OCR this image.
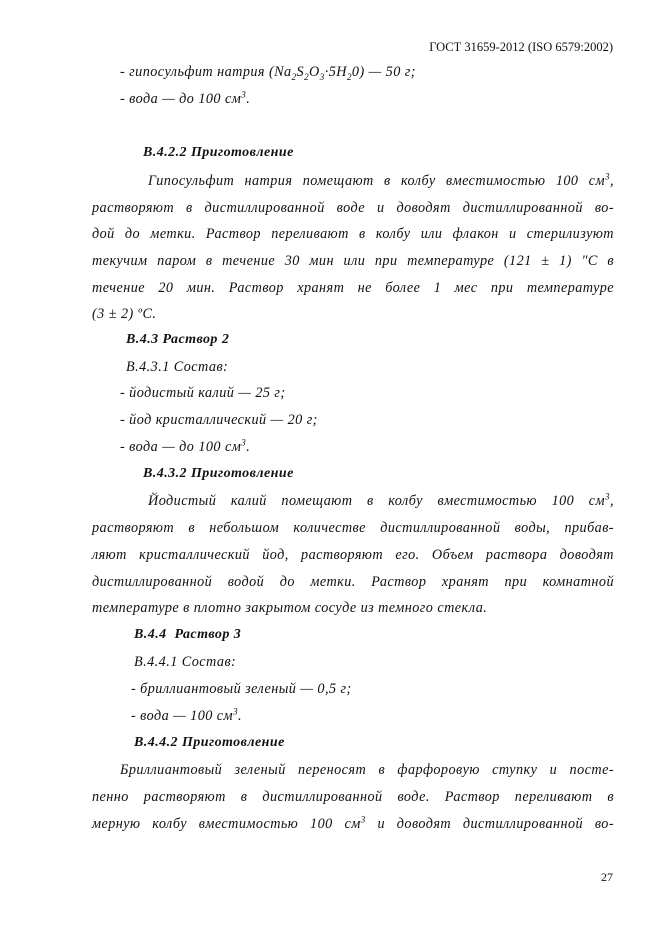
ГОСТ 31659-2012 (ISO 6579:2002)
- гипосульфит натрия $(Na_2S_2O_3\cdot 5H_20)$ — 50 г;
- вода — до 100 $см^3$.
В.4.2.2 Приготовление
Гипосульфит натрия помещают в колбу вместимостью 100 $см^3$,
растворяют в дистиллированной воде и доводят дистиллированной во-
дой до метки. Раствор переливают в колбу или флакон и стерилизуют
текучим паром в течение 30 мин или при температуре (121 ± 1) "С в
течение 20 мин. Раствор хранят не более 1 мес при температуре
(3 ± 2) ºС.
В.4.3 Раствор 2
В.4.3.1 Состав:
- йодистый калий — 25 г;
- йод кристаллический — 20 г;
- вода — до 100 $см^3$.
В.4.3.2 Приготовление
Йодистый калий помещают в колбу вместимостью 100 $см^3$,
растворяют в небольшом количестве дистиллированной воды, прибав-
ляют кристаллический йод, растворяют его. Объем раствора доводят
дистиллированной водой до метки. Раствор хранят при комнатной
температуре в плотно закрытом сосуде из темного стекла.
В.4.4  Раствор 3
В.4.4.1 Состав:
- бриллиантовый зеленый — 0,5 г;
- вода — 100 $см^3$.
В.4.4.2 Приготовление
Бриллиантовый зеленый переносят в фарфоровую ступку и посте-
пенно растворяют в дистиллированной воде. Раствор переливают в
мерную колбу вместимостью 100 $см^3$ и доводят дистиллированной во-
27
